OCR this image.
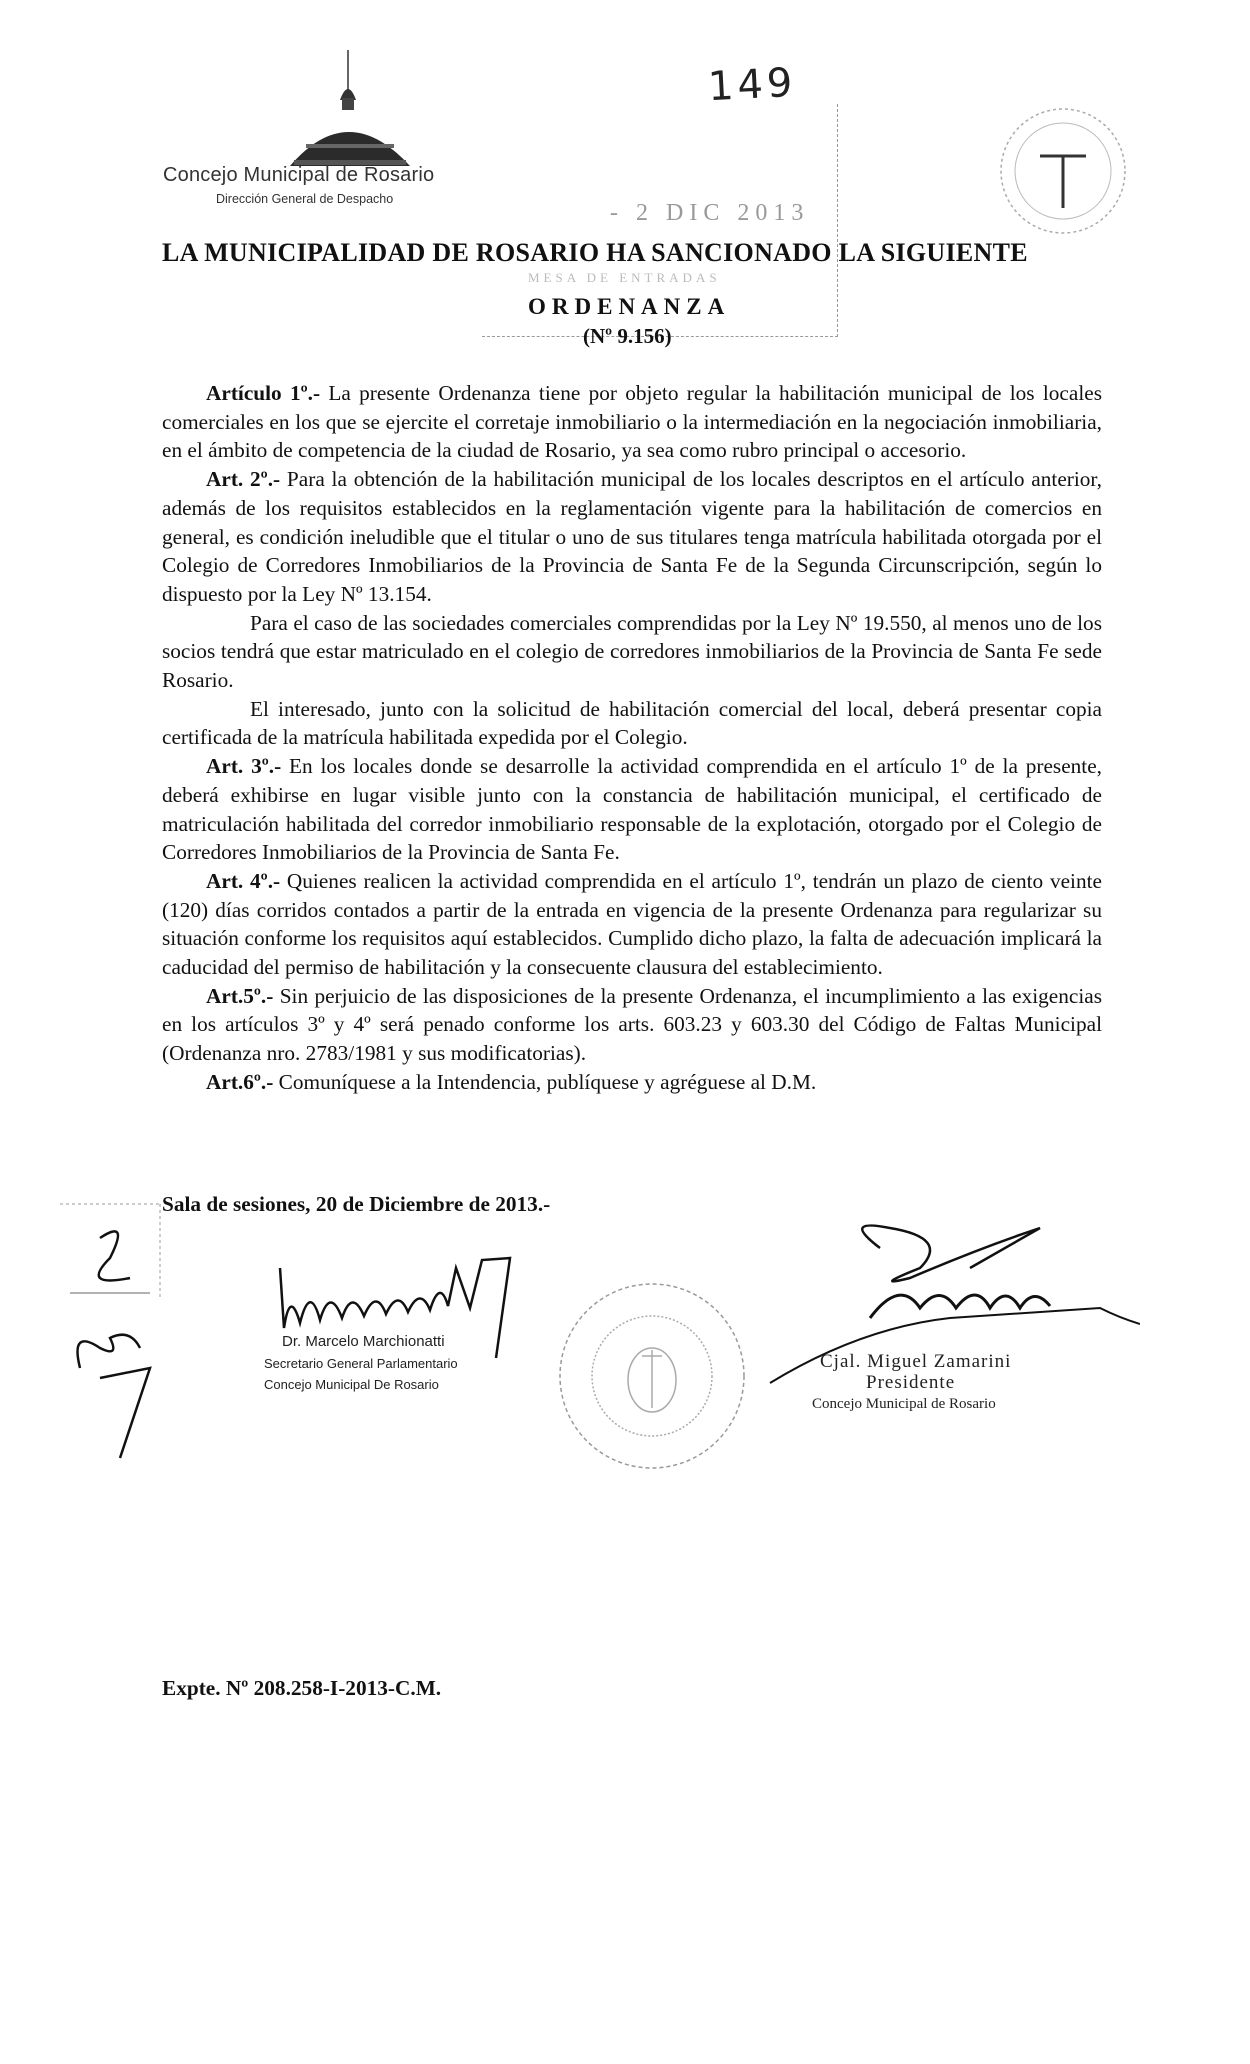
Concejo Municipal de Rosario
Dirección General de Despacho
149
- 2 DIC 2013
MESA DE ENTRADAS
LA MUNICIPALIDAD DE ROSARIO HA SANCIONADO LA SIGUIENTE
ORDENANZA
(Nº 9.156)

Artículo 1º.- La presente Ordenanza tiene por objeto regular la habilitación municipal de los locales comerciales en los que se ejercite el corretaje inmobiliario o la intermediación en la negociación inmobiliaria, en el ámbito de competencia de la ciudad de Rosario, ya sea como rubro principal o accesorio.

Art. 2º.- Para la obtención de la habilitación municipal de los locales descriptos en el artículo anterior, además de los requisitos establecidos en la reglamentación vigente para la habilitación de comercios en general, es condición ineludible que el titular o uno de sus titulares tenga matrícula habilitada otorgada por el Colegio de Corredores Inmobiliarios de la Provincia de Santa Fe de la Segunda Circunscripción, según lo dispuesto por la Ley Nº 13.154.

Para el caso de las sociedades comerciales comprendidas por la Ley Nº 19.550, al menos uno de los socios tendrá que estar matriculado en el colegio de corredores inmobiliarios de la Provincia de Santa Fe sede Rosario.

El interesado, junto con la solicitud de habilitación comercial del local, deberá presentar copia certificada de la matrícula habilitada expedida por el Colegio.

Art. 3º.- En los locales donde se desarrolle la actividad comprendida en el artículo 1º de la presente, deberá exhibirse en lugar visible junto con la constancia de habilitación municipal, el certificado de matriculación habilitada del corredor inmobiliario responsable de la explotación, otorgado por el Colegio de Corredores Inmobiliarios de la Provincia de Santa Fe.

Art. 4º.- Quienes realicen la actividad comprendida en el artículo 1º, tendrán un plazo de ciento veinte (120) días corridos contados a partir de la entrada en vigencia de la presente Ordenanza para regularizar su situación conforme los requisitos aquí establecidos. Cumplido dicho plazo, la falta de adecuación implicará la caducidad del permiso de habilitación y la consecuente clausura del establecimiento.

Art.5º.- Sin perjuicio de las disposiciones de la presente Ordenanza, el incumplimiento a las exigencias en los artículos 3º y 4º será penado conforme los arts. 603.23 y 603.30 del Código de Faltas Municipal (Ordenanza nro. 2783/1981 y sus modificatorias).

Art.6º.- Comuníquese a la Intendencia, publíquese y agréguese al D.M.

Sala de sesiones, 20 de Diciembre de 2013.-
Dr. Marcelo Marchionatti
Secretario General Parlamentario
Concejo Municipal De Rosario
Cjal. Miguel Zamarini
Presidente
Concejo Municipal de Rosario
Expte. Nº 208.258-I-2013-C.M.
